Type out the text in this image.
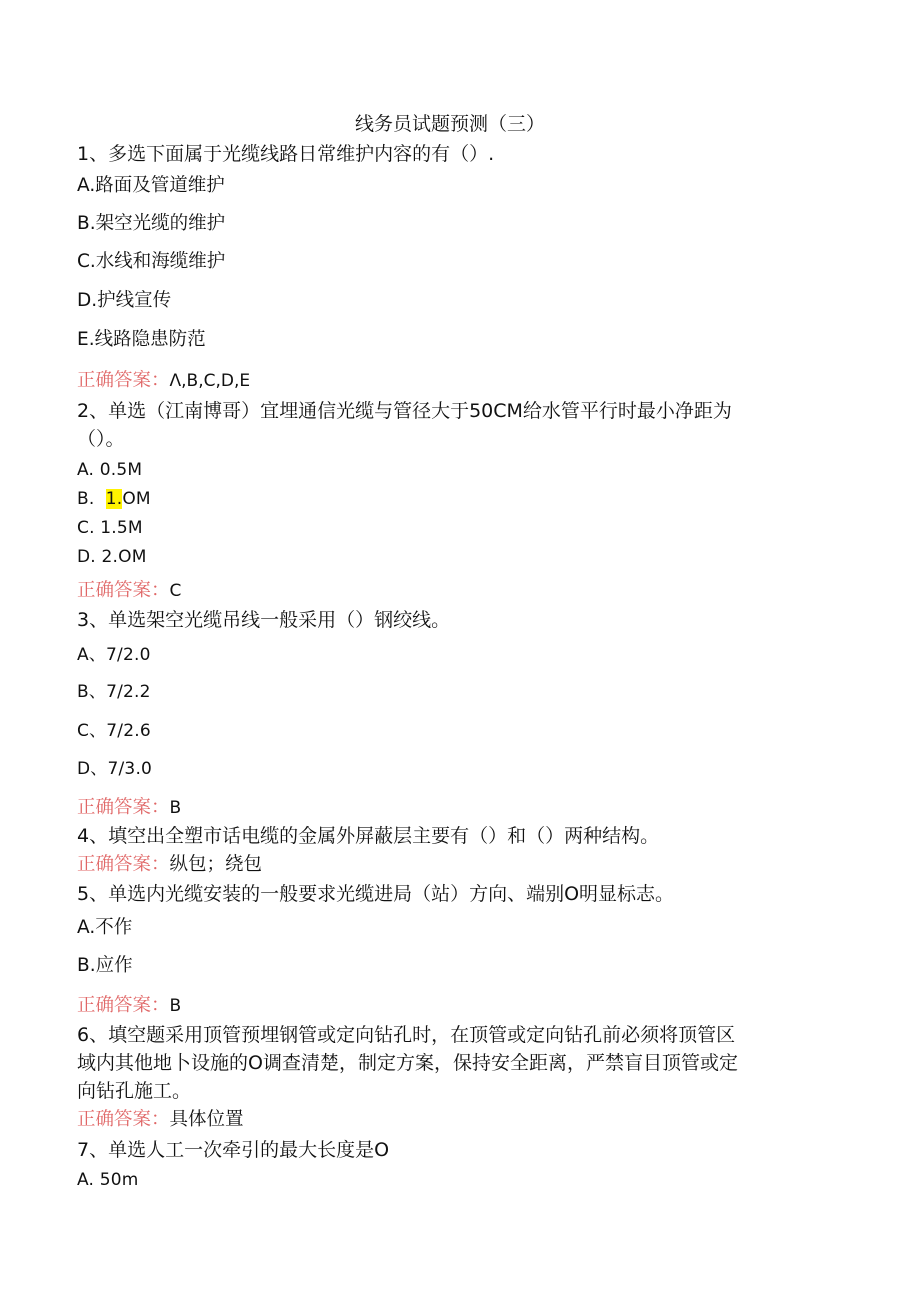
线务员试题预测（三）
1、多选下面属于光缆线路日常维护内容的有（）.
A.路面及管道维护
B.架空光缆的维护
C.水线和海缆维护
D.护线宣传
E.线路隐患防范
正确答案：Λ,B,C,D,E
2、单选（江南博哥）宜埋通信光缆与管径大于50CM给水管平行时最小净距为
（）。
A. 0.5M
B.  1.OM
C. 1.5M
D. 2.OM
正确答案：C
3、单选架空光缆吊线一般采用（）钢绞线。
A、7/2.0
B、7/2.2
C、7/2.6
D、7/3.0
正确答案：B
4、填空出全塑市话电缆的金属外屏蔽层主要有（）和（）两种结构。
正确答案：纵包；绕包
5、单选内光缆安装的一般要求光缆进局（站）方向、端别O明显标志。
A.不作
B.应作
正确答案：B
6、填空题采用顶管预埋钢管或定向钻孔时，在顶管或定向钻孔前必须将顶管区
域内其他地卜设施的O调查清楚，制定方案，保持安全距离，严禁盲目顶管或定
向钻孔施工。
正确答案：具体位置
7、单选人工一次牵引的最大长度是O
A. 50m
